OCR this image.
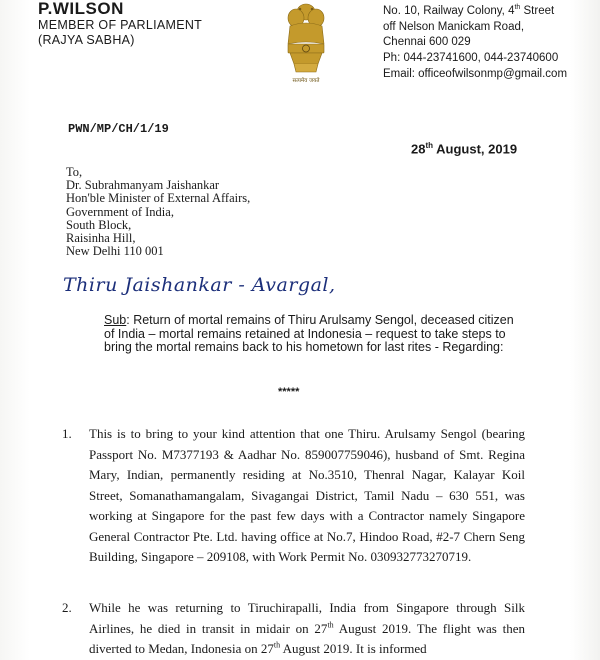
P.WILSON
MEMBER OF PARLIAMENT
(RAJYA SABHA)
सत्यमेव जयते
No. 10, Railway Colony, 4th Street
off Nelson Manickam Road,
Chennai 600 029
Ph: 044-23741600, 044-23740600
Email: officeofwilsonmp@gmail.com
PWN/MP/CH/1/19
28th August, 2019
To,
Dr. Subrahmanyam Jaishankar
Hon'ble Minister of External Affairs,
Government of India,
South Block,
Raisinha Hill,
New Delhi 110 001
Thiru Jaishankar - Avargal,
Sub: Return of mortal remains of Thiru Arulsamy Sengol, deceased citizen of India – mortal remains retained at Indonesia – request to take steps to bring the mortal remains back to his hometown for last rites - Regarding:
*****
1. This is to bring to your kind attention that one Thiru. Arulsamy Sengol (bearing Passport No. M7377193 & Aadhar No. 859007759046), husband of Smt. Regina Mary, Indian, permanently residing at No.3510, Thenral Nagar, Kalayar Koil Street, Somanathamangalam, Sivagangai District, Tamil Nadu – 630 551, was working at Singapore for the past few days with a Contractor namely Singapore General Contractor Pte. Ltd. having office at No.7, Hindoo Road, #2-7 Chern Seng Building, Singapore – 209108, with Work Permit No. 030932773270719.
2. While he was returning to Tiruchirapalli, India from Singapore through Silk Airlines, he died in transit in midair on 27th August 2019. The flight was then diverted to Medan, Indonesia on 27th August 2019. It is informed
